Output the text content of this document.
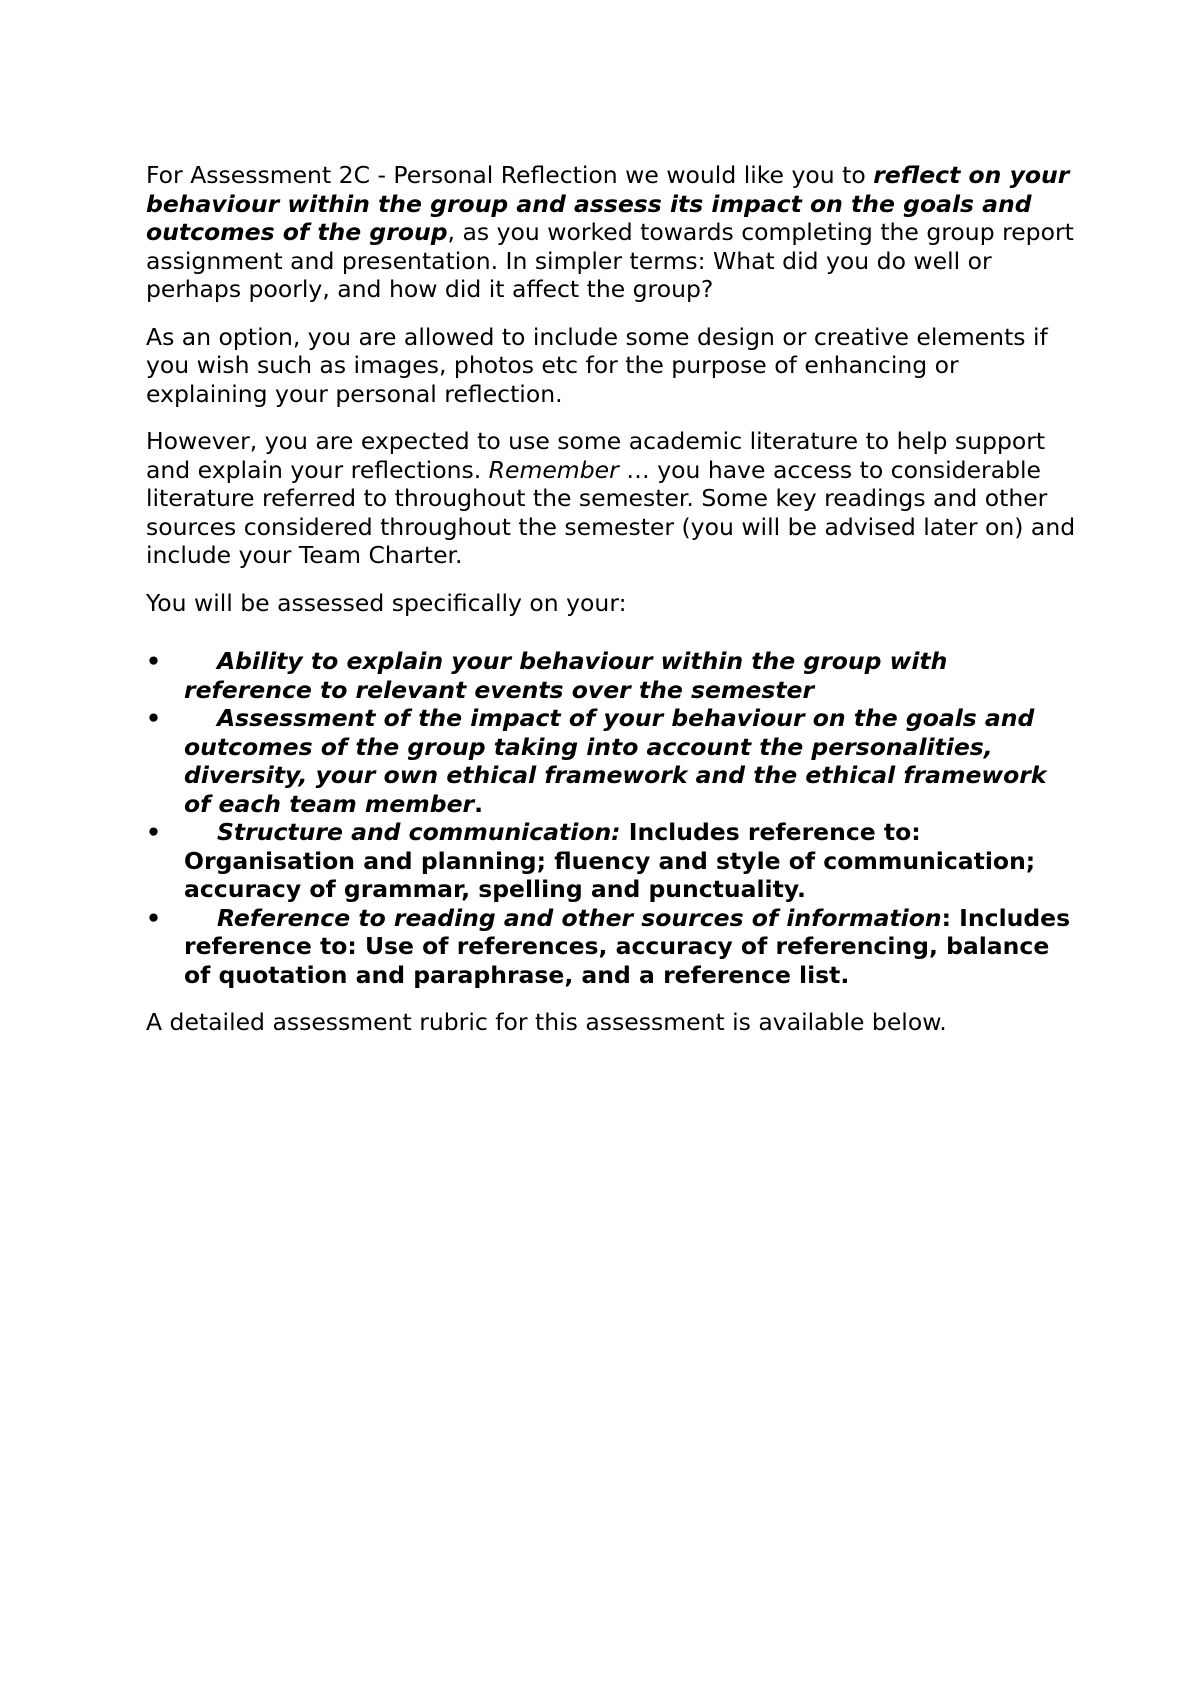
For Assessment 2C - Personal Reflection we would like you to reflect on your behaviour within the group and assess its impact on the goals and outcomes of the group, as you worked towards completing the group report assignment and presentation. In simpler terms: What did you do well or perhaps poorly, and how did it affect the group?

As an option, you are allowed to include some design or creative elements if you wish such as images, photos etc for the purpose of enhancing or explaining your personal reflection.

However, you are expected to use some academic literature to help support and explain your reflections. Remember … you have access to considerable literature referred to throughout the semester. Some key readings and other sources considered throughout the semester (you will be advised later on) and include your Team Charter.

You will be assessed specifically on your:

• Ability to explain your behaviour within the group with reference to relevant events over the semester
• Assessment of the impact of your behaviour on the goals and outcomes of the group taking into account the personalities, diversity, your own ethical framework and the ethical framework of each team member.
• Structure and communication: Includes reference to: Organisation and planning; fluency and style of communication; accuracy of grammar, spelling and punctuality.
• Reference to reading and other sources of information: Includes reference to: Use of references, accuracy of referencing, balance of quotation and paraphrase, and a reference list.

A detailed assessment rubric for this assessment is available below.
